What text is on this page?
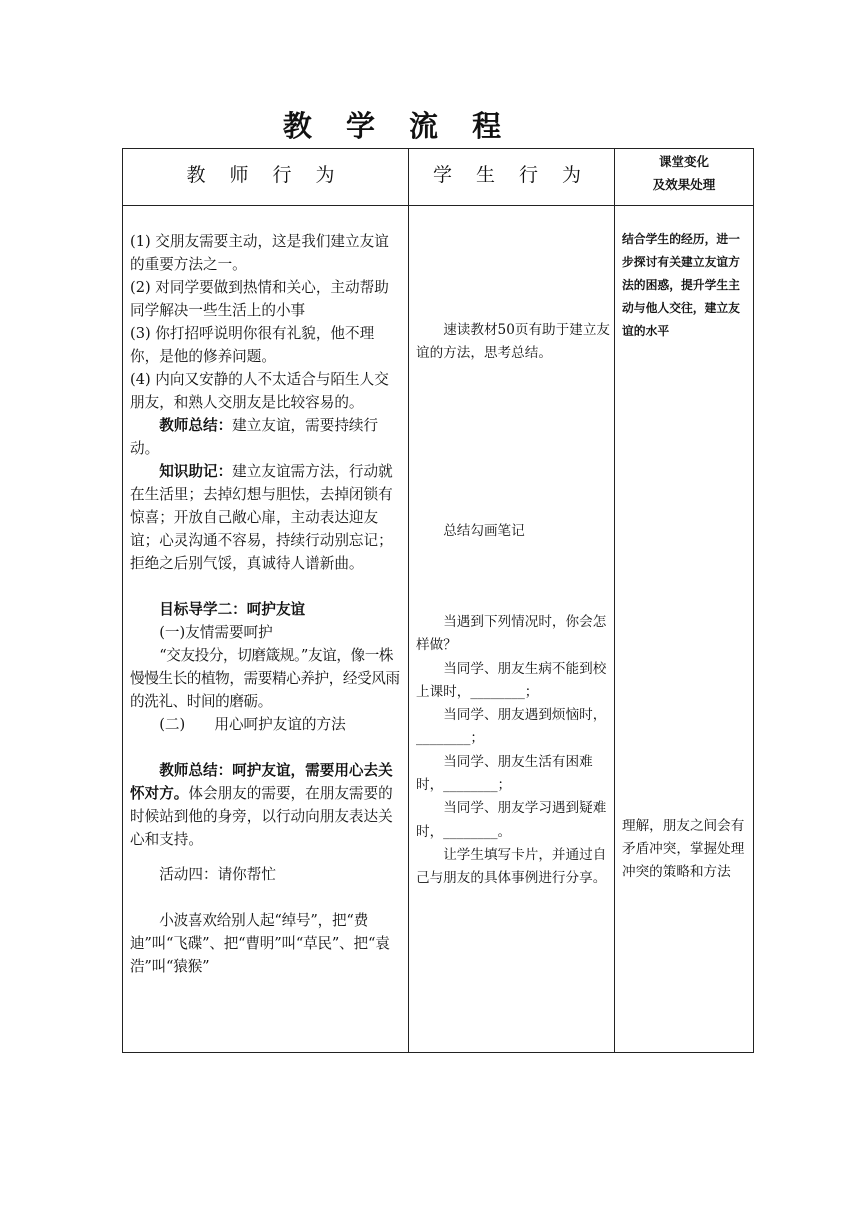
教 学 流 程
教 师 行 为	学 生 行 为
课堂变化
及效果处理

(1) 交朋友需要主动，这是我们建立友谊的重要方法之一。

(2) 对同学要做到热情和关心，主动帮助同学解决一些生活上的小事

(3) 你打招呼说明你很有礼貌，他不理你，是他的修养问题。

(4) 内向又安静的人不太适合与陌生人交朋友，和熟人交朋友是比较容易的。

教师总结：建立友谊，需要持续行动。

知识助记：建立友谊需方法，行动就在生活里；去掉幻想与胆怯，去掉闭锁有惊喜；开放自己敞心扉，主动表达迎友谊；心灵沟通不容易，持续行动别忘记；拒绝之后别气馁，真诚待人谱新曲。

目标导学二：呵护友谊

(一)友情需要呵护

“交友投分，切磨箴规。”友谊，像一株慢慢生长的植物，需要精心养护，经受风雨的洗礼、时间的磨砺。

(二)　　用心呵护友谊的方法

教师总结：呵护友谊，需要用心去关怀对方。体会朋友的需要，在朋友需要的时候站到他的身旁，以行动向朋友表达关心和支持。

活动四：请你帮忙

小波喜欢给别人起“绰号”，把“费迪”叫“飞碟”、把“曹明”叫“草民”、把“袁浩”叫“猿猴”

速读教材50页有助于建立友谊的方法，思考总结。

总结勾画笔记

当遇到下列情况时，你会怎样做？

当同学、朋友生病不能到校上课时，________；

当同学、朋友遇到烦恼时，________；

当同学、朋友生活有困难时，________；

当同学、朋友学习遇到疑难时，________。

让学生填写卡片，并通过自己与朋友的具体事例进行分享。

结合学生的经历，进一步探讨有关建立友谊方法的困惑，提升学生主动与他人交往，建立友谊的水平
理解，朋友之间会有矛盾冲突，掌握处理冲突的策略和方法
